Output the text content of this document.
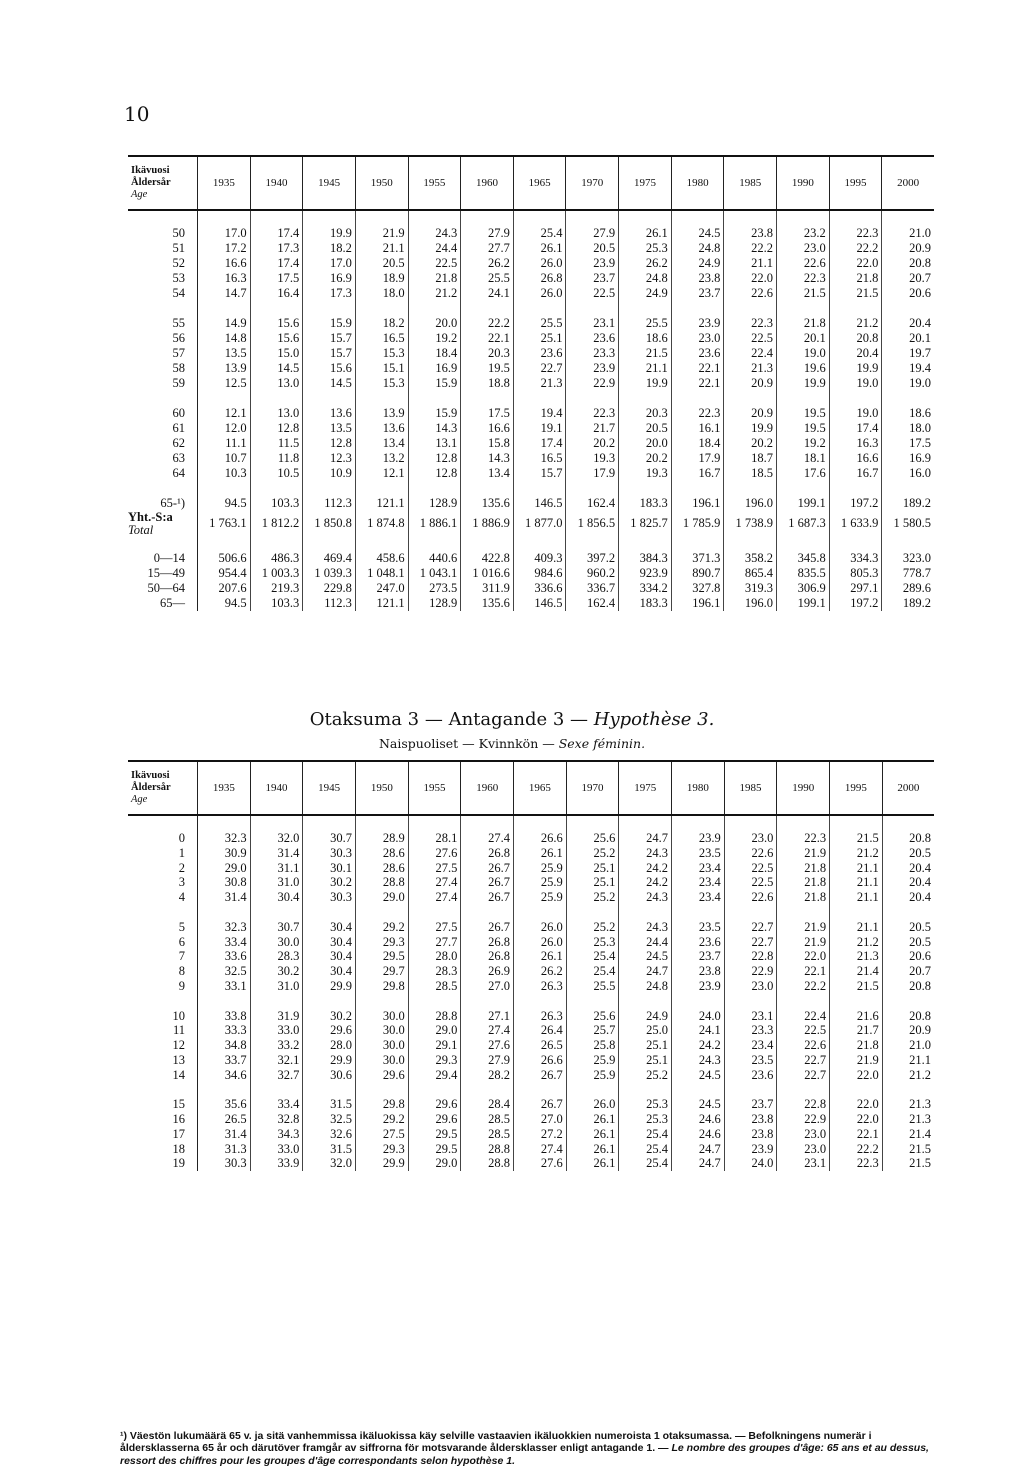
10
Ikävuosi
Åldersår
Age	1935	1940	1945	1950	1955	1960	1965	1970	1975	1980	1985	1990	1995	2000

50	17.0	17.4	19.9	21.9	24.3	27.9	25.4	27.9	26.1	24.5	23.8	23.2	22.3	21.0
51	17.2	17.3	18.2	21.1	24.4	27.7	26.1	20.5	25.3	24.8	22.2	23.0	22.2	20.9
52	16.6	17.4	17.0	20.5	22.5	26.2	26.0	23.9	26.2	24.9	21.1	22.6	22.0	20.8
53	16.3	17.5	16.9	18.9	21.8	25.5	26.8	23.7	24.8	23.8	22.0	22.3	21.8	20.7
54	14.7	16.4	17.3	18.0	21.2	24.1	26.0	22.5	24.9	23.7	22.6	21.5	21.5	20.6

55	14.9	15.6	15.9	18.2	20.0	22.2	25.5	23.1	25.5	23.9	22.3	21.8	21.2	20.4
56	14.8	15.6	15.7	16.5	19.2	22.1	25.1	23.6	18.6	23.0	22.5	20.1	20.8	20.1
57	13.5	15.0	15.7	15.3	18.4	20.3	23.6	23.3	21.5	23.6	22.4	19.0	20.4	19.7
58	13.9	14.5	15.6	15.1	16.9	19.5	22.7	23.9	21.1	22.1	21.3	19.6	19.9	19.4
59	12.5	13.0	14.5	15.3	15.9	18.8	21.3	22.9	19.9	22.1	20.9	19.9	19.0	19.0

60	12.1	13.0	13.6	13.9	15.9	17.5	19.4	22.3	20.3	22.3	20.9	19.5	19.0	18.6
61	12.0	12.8	13.5	13.6	14.3	16.6	19.1	21.7	20.5	16.1	19.9	19.5	17.4	18.0
62	11.1	11.5	12.8	13.4	13.1	15.8	17.4	20.2	20.0	18.4	20.2	19.2	16.3	17.5
63	10.7	11.8	12.3	13.2	12.8	14.3	16.5	19.3	20.2	17.9	18.7	18.1	16.6	16.9
64	10.3	10.5	10.9	12.1	12.8	13.4	15.7	17.9	19.3	16.7	18.5	17.6	16.7	16.0

65-¹)	94.5	103.3	112.3	121.1	128.9	135.6	146.5	162.4	183.3	196.1	196.0	199.1	197.2	189.2

Yht.-S:a
Total	1 763.1	1 812.2	1 850.8	1 874.8	1 886.1	1 886.9	1 877.0	1 856.5	1 825.7	1 785.9	1 738.9	1 687.3	1 633.9	1 580.5

0—14	506.6	486.3	469.4	458.6	440.6	422.8	409.3	397.2	384.3	371.3	358.2	345.8	334.3	323.0
15—49	954.4	1 003.3	1 039.3	1 048.1	1 043.1	1 016.6	984.6	960.2	923.9	890.7	865.4	835.5	805.3	778.7
50—64	207.6	219.3	229.8	247.0	273.5	311.9	336.6	336.7	334.2	327.8	319.3	306.9	297.1	289.6
65—	94.5	103.3	112.3	121.1	128.9	135.6	146.5	162.4	183.3	196.1	196.0	199.1	197.2	189.2
Otaksuma 3 — Antagande 3 — Hypothèse 3.
Naispuoliset — Kvinnkön — Sexe féminin.
Ikävuosi
Åldersår
Age	1935	1940	1945	1950	1955	1960	1965	1970	1975	1980	1985	1990	1995	2000

0	32.3	32.0	30.7	28.9	28.1	27.4	26.6	25.6	24.7	23.9	23.0	22.3	21.5	20.8
1	30.9	31.4	30.3	28.6	27.6	26.8	26.1	25.2	24.3	23.5	22.6	21.9	21.2	20.5
2	29.0	31.1	30.1	28.6	27.5	26.7	25.9	25.1	24.2	23.4	22.5	21.8	21.1	20.4
3	30.8	31.0	30.2	28.8	27.4	26.7	25.9	25.1	24.2	23.4	22.5	21.8	21.1	20.4
4	31.4	30.4	30.3	29.0	27.4	26.7	25.9	25.2	24.3	23.4	22.6	21.8	21.1	20.4

5	32.3	30.7	30.4	29.2	27.5	26.7	26.0	25.2	24.3	23.5	22.7	21.9	21.1	20.5
6	33.4	30.0	30.4	29.3	27.7	26.8	26.0	25.3	24.4	23.6	22.7	21.9	21.2	20.5
7	33.6	28.3	30.4	29.5	28.0	26.8	26.1	25.4	24.5	23.7	22.8	22.0	21.3	20.6
8	32.5	30.2	30.4	29.7	28.3	26.9	26.2	25.4	24.7	23.8	22.9	22.1	21.4	20.7
9	33.1	31.0	29.9	29.8	28.5	27.0	26.3	25.5	24.8	23.9	23.0	22.2	21.5	20.8

10	33.8	31.9	30.2	30.0	28.8	27.1	26.3	25.6	24.9	24.0	23.1	22.4	21.6	20.8
11	33.3	33.0	29.6	30.0	29.0	27.4	26.4	25.7	25.0	24.1	23.3	22.5	21.7	20.9
12	34.8	33.2	28.0	30.0	29.1	27.6	26.5	25.8	25.1	24.2	23.4	22.6	21.8	21.0
13	33.7	32.1	29.9	30.0	29.3	27.9	26.6	25.9	25.1	24.3	23.5	22.7	21.9	21.1
14	34.6	32.7	30.6	29.6	29.4	28.2	26.7	25.9	25.2	24.5	23.6	22.7	22.0	21.2

15	35.6	33.4	31.5	29.8	29.6	28.4	26.7	26.0	25.3	24.5	23.7	22.8	22.0	21.3
16	26.5	32.8	32.5	29.2	29.6	28.5	27.0	26.1	25.3	24.6	23.8	22.9	22.0	21.3
17	31.4	34.3	32.6	27.5	29.5	28.5	27.2	26.1	25.4	24.6	23.8	23.0	22.1	21.4
18	31.3	33.0	31.5	29.3	29.5	28.8	27.4	26.1	25.4	24.7	23.9	23.0	22.2	21.5
19	30.3	33.9	32.0	29.9	29.0	28.8	27.6	26.1	25.4	24.7	24.0	23.1	22.3	21.5
¹) Väestön lukumäärä 65 v. ja sitä vanhemmissa ikäluokissa käy selville vastaavien ikäluokkien numeroista 1 otaksumassa. — Befolkningens numerär i åldersklasserna 65 år och därutöver framgår av siffrorna för motsvarande åldersklasser enligt antagande 1. — Le nombre des groupes d'âge: 65 ans et au dessus, ressort des chiffres pour les groupes d'âge correspondants selon hypothèse 1.
